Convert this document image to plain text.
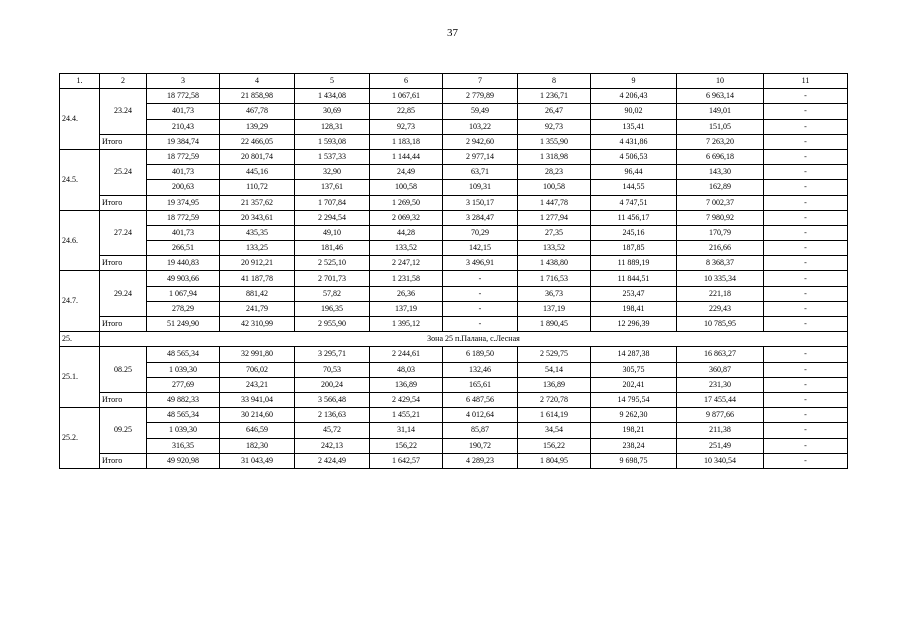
37
1.	2	3	4	5	6	7	8	9	10	11
24.4.	23.24	18 772,58	21 858,98	1 434,08	1 067,61	2 779,89	1 236,71	4 206,43	6 963,14	-
		401,73	467,78	30,69	22,85	59,49	26,47	90,02	149,01	-
		210,43	139,29	128,31	92,73	103,22	92,73	135,41	151,05	-
	Итого	19 384,74	22 466,05	1 593,08	1 183,18	2 942,60	1 355,90	4 431,86	7 263,20	-
24.5.	25.24	18 772,59	20 801,74	1 537,33	1 144,44	2 977,14	1 318,98	4 506,53	6 696,18	-
		401,73	445,16	32,90	24,49	63,71	28,23	96,44	143,30	-
		200,63	110,72	137,61	100,58	109,31	100,58	144,55	162,89	-
	Итого	19 374,95	21 357,62	1 707,84	1 269,50	3 150,17	1 447,78	4 747,51	7 002,37	-
24.6.	27.24	18 772,59	20 343,61	2 294,54	2 069,32	3 284,47	1 277,94	11 456,17	7 980,92	-
		401,73	435,35	49,10	44,28	70,29	27,35	245,16	170,79	-
		266,51	133,25	181,46	133,52	142,15	133,52	187,85	216,66	-
	Итого	19 440,83	20 912,21	2 525,10	2 247,12	3 496,91	1 438,80	11 889,19	8 368,37	-
24.7.	29.24	49 903,66	41 187,78	2 701,73	1 231,58	-	1 716,53	11 844,51	10 335,34	-
		1 067,94	881,42	57,82	26,36	-	36,73	253,47	221,18	-
		278,29	241,79	196,35	137,19	-	137,19	198,41	229,43	-
	Итого	51 249,90	42 310,99	2 955,90	1 395,12	-	1 890,45	12 296,39	10 785,95	-
25.	Зона 25 п.Палана, с.Лесная									
25.1.	08.25	48 565,34	32 991,80	3 295,71	2 244,61	6 189,50	2 529,75	14 287,38	16 863,27	-
		1 039,30	706,02	70,53	48,03	132,46	54,14	305,75	360,87	-
		277,69	243,21	200,24	136,89	165,61	136,89	202,41	231,30	-
	Итого	49 882,33	33 941,04	3 566,48	2 429,54	6 487,56	2 720,78	14 795,54	17 455,44	-
25.2.	09.25	48 565,34	30 214,60	2 136,63	1 455,21	4 012,64	1 614,19	9 262,30	9 877,66	-
		1 039,30	646,59	45,72	31,14	85,87	34,54	198,21	211,38	-
		316,35	182,30	242,13	156,22	190,72	156,22	238,24	251,49	-
	Итого	49 920,98	31 043,49	2 424,49	1 642,57	4 289,23	1 804,95	9 698,75	10 340,54	-
